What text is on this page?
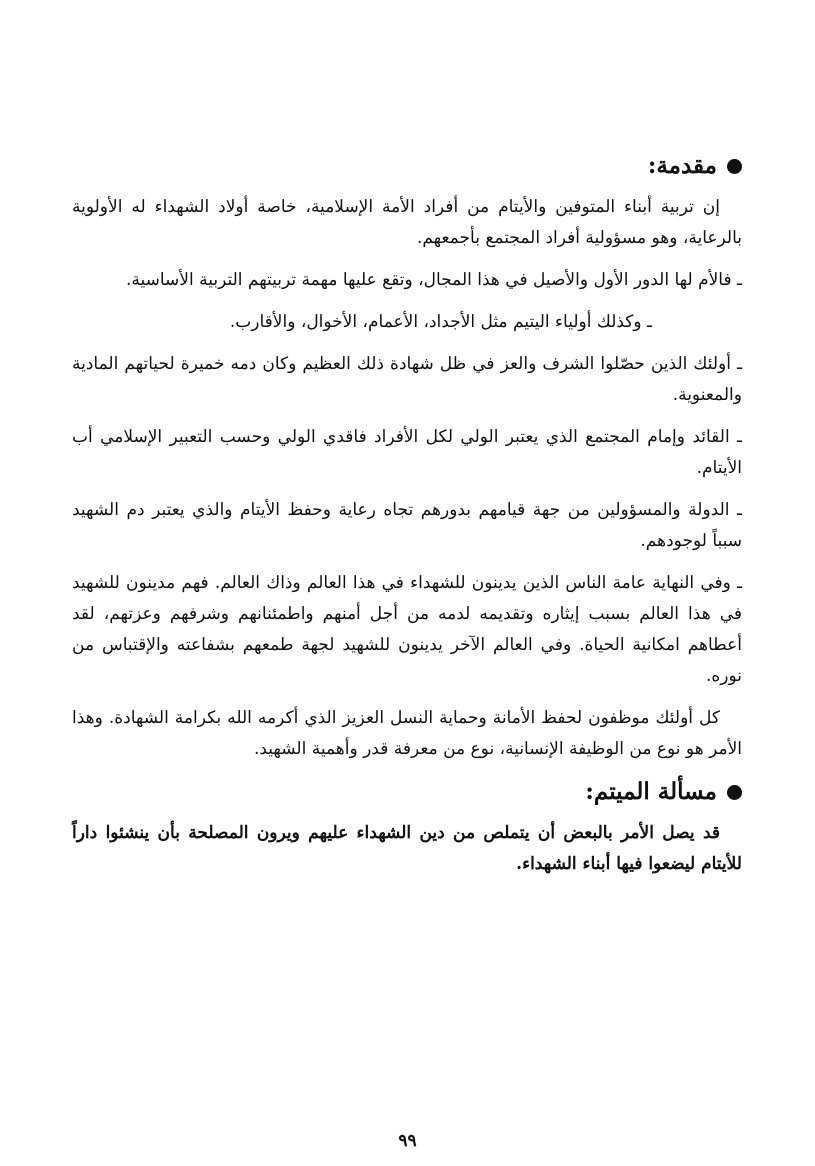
مقدمة:

إن تربية أبناء المتوفين والأيتام من أفراد الأمة الإسلامية، خاصة أولاد الشهداء له الأولوية بالرعاية، وهو مسؤولية أفراد المجتمع بأجمعهم.

ـ فالأم لها الدور الأول والأصيل في هذا المجال، وتقع عليها مهمة تربيتهم التربية الأساسية.

ـ وكذلك أولياء اليتيم مثل الأجداد، الأعمام، الأخوال، والأقارب.

ـ أولئك الذين حصّلوا الشرف والعز في ظل شهادة ذلك العظيم وكان دمه خميرة لحياتهم المادية والمعنوية.

ـ القائد وإمام المجتمع الذي يعتبر الولي لكل الأفراد فاقدي الولي وحسب التعبير الإسلامي أب الأيتام.

ـ الدولة والمسؤولين من جهة قيامهم بدورهم تجاه رعاية وحفظ الأيتام والذي يعتبر دم الشهيد سبباً لوجودهم.

ـ وفي النهاية عامة الناس الذين يدينون للشهداء في هذا العالم وذاك العالم. فهم مدينون للشهيد في هذا العالم بسبب إيثاره وتقديمه لدمه من أجل أمنهم واطمئنانهم وشرفهم وعزتهم، لقد أعطاهم امكانية الحياة. وفي العالم الآخر يدينون للشهيد لجهة طمعهم بشفاعته والإقتباس من نوره.

كل أولئك موظفون لحفظ الأمانة وحماية النسل العزيز الذي أكرمه الله بكرامة الشهادة. وهذا الأمر هو نوع من الوظيفة الإنسانية، نوع من معرفة قدر وأهمية الشهيد.

مسألة الميتم:

قد يصل الأمر بالبعض أن يتملص من دين الشهداء عليهم ويرون المصلحة بأن ينشئوا داراً للأيتام ليضعوا فيها أبناء الشهداء.

٩٩
